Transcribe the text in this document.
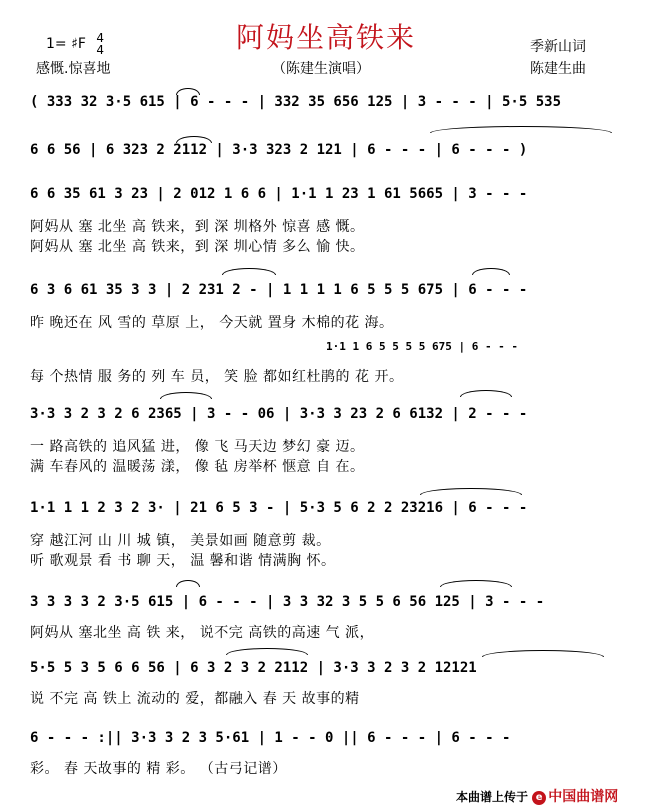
阿妈坐高铁来
1= ♯F 4
4
感慨.惊喜地	（陈建生演唱）
季新山词
陈建生曲
( 333 32 3·5 615 | 6 - - - | 332 35 656 125 | 3 - - - | 5·5 535
6 6 56 | 6 323 2 2112 | 3·3 323 2 121 | 6 - - - | 6 - - - )
6 6 35 61 3 23 | 2 012 1 6 6 | 1·1 1 23 1 61 5665 | 3 - - -
阿妈从 塞 北坐 高 铁来，到 深 圳格外 惊喜 感 慨。
阿妈从 塞 北坐 高 铁来，到 深 圳心情 多么 愉 快。
6 3 6 61 35 3 3 | 2 231 2 - | 1 1 1 1 6 5 5 5 675 | 6 - - -
昨 晚还在 风 雪的 草原 上， 今天就 置身 木棉的花 海。
1·1 1 6 5 5 5 5 675 | 6 - - -
每 个热情 服 务的 列 车 员， 笑 脸 都如红杜鹃的 花 开。
3·3 3 2 3 2 6 2365 | 3 - - 06 | 3·3 3 23 2 6 6132 | 2 - - -
一 路高铁的 追风猛 进， 像 飞 马天边 梦幻 豪 迈。
满 车春风的 温暖荡 漾， 像 毡 房举杯 惬意 自 在。
1·1 1 1 2 3 2 3· | 21 6 5 3 - | 5·3 5 6 2 2 23216 | 6 - - -
穿 越江河 山 川 城 镇， 美景如画 随意剪 裁。
听 歌观景 看 书 聊 天， 温 馨和谐 情满胸 怀。
3 3 3 3 2 3·5 615 | 6 - - - | 3 3 32 3 5 5 6 56 125 | 3 - - -
阿妈从 塞北坐 高 铁 来， 说不完 高铁的高速 气 派，
5·5 5 3 5 6 6 56 | 6 3 2 3 2 2112 | 3·3 3 2 3 2 12121
说 不完 高 铁上 流动的 爱，都融入 春 天 故事的精
6 - - - :|| 3·3 3 2 3 5·61 | 1 - - 0 || 6 - - - | 6 - - -
彩。 春 天故事的 精 彩。 （古弓记谱）
本曲谱上传于 e 中国曲谱网
